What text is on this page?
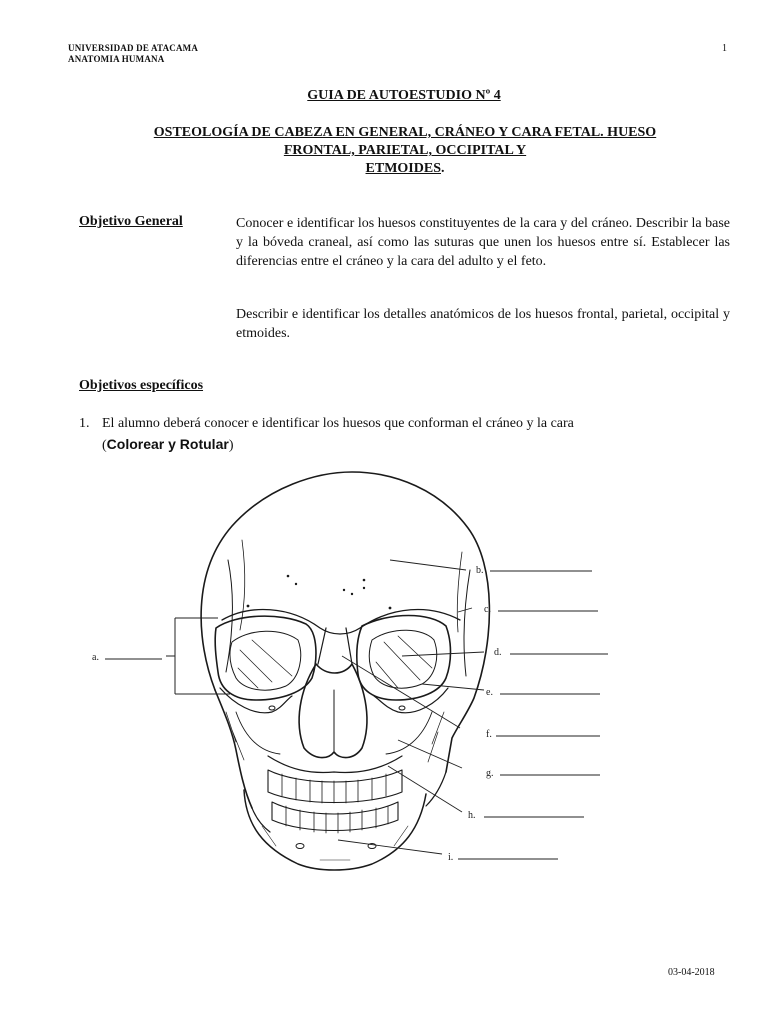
UNIVERSIDAD DE ATACAMA
ANATOMIA HUMANA
1
GUIA DE AUTOESTUDIO Nº 4
OSTEOLOGÍA DE CABEZA EN GENERAL, CRÁNEO Y CARA FETAL. HUESO
FRONTAL, PARIETAL, OCCIPITAL Y
ETMOIDES.
Objetivo General	Conocer e identificar los huesos constituyentes de la cara y del cráneo. Describir la base y la bóveda craneal, así como las suturas que unen los huesos entre sí. Establecer las diferencias entre el cráneo y la cara del adulto y el feto.
Describir e identificar los detalles anatómicos de los huesos frontal, parietal, occipital y etmoides.
Objetivos específicos
1. El alumno deberá conocer e identificar los huesos que conforman el cráneo y la cara
(Colorear y Rotular)
a.
b.
c.
d.
e.
f.
g.
h.
i.
03-04-2018
